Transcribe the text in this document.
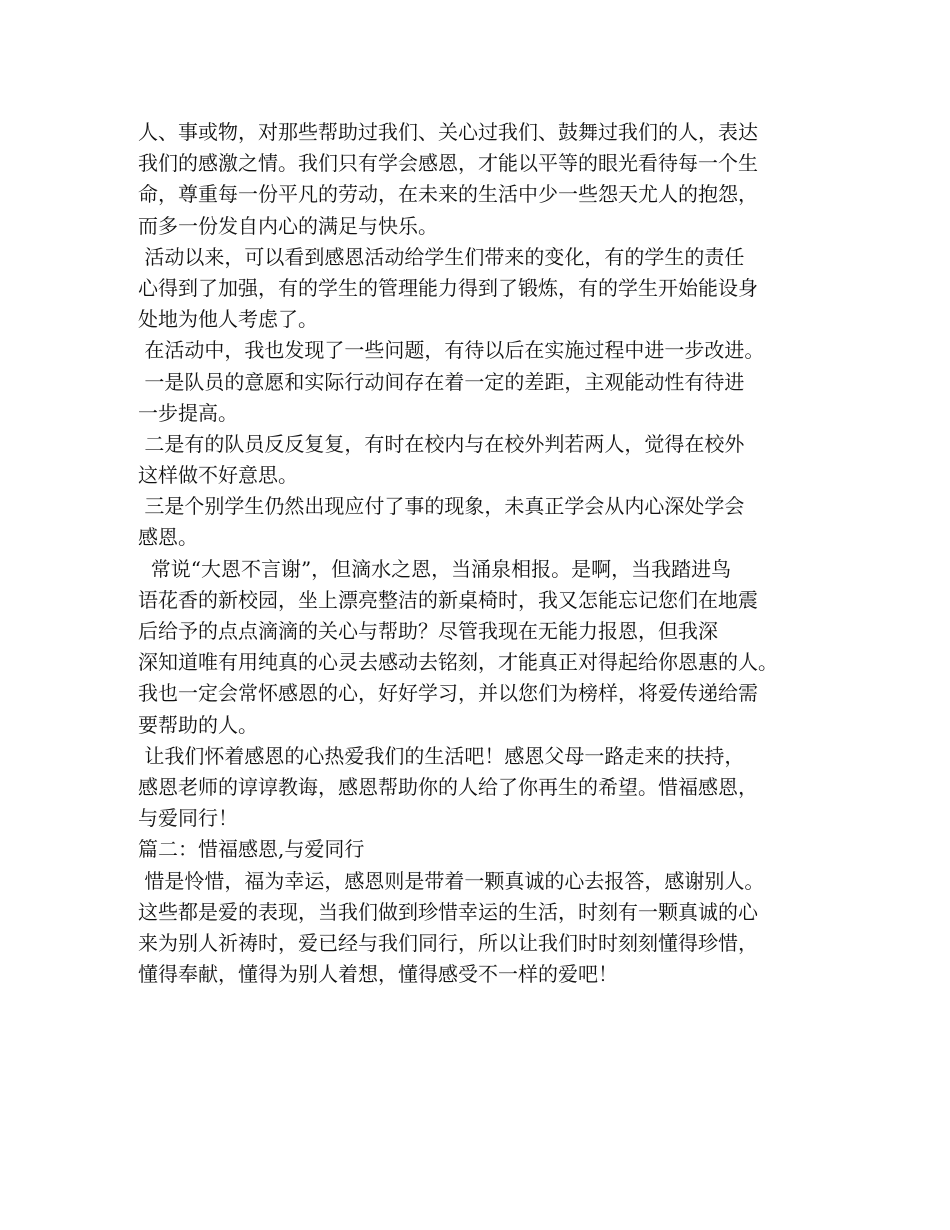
人、事或物，对那些帮助过我们、关心过我们、鼓舞过我们的人，表达
我们的感激之情。我们只有学会感恩，才能以平等的眼光看待每一个生
命，尊重每一份平凡的劳动，在未来的生活中少一些怨天尤人的抱怨，
而多一份发自内心的满足与快乐。
活动以来，可以看到感恩活动给学生们带来的变化，有的学生的责任
心得到了加强，有的学生的管理能力得到了锻炼，有的学生开始能设身
处地为他人考虑了。
在活动中，我也发现了一些问题，有待以后在实施过程中进一步改进。
一是队员的意愿和实际行动间存在着一定的差距，主观能动性有待进
一步提高。
二是有的队员反反复复，有时在校内与在校外判若两人，觉得在校外
这样做不好意思。
三是个别学生仍然出现应付了事的现象，未真正学会从内心深处学会
感恩。
常说“大恩不言谢”，但滴水之恩，当涌泉相报。是啊，当我踏进鸟
语花香的新校园，坐上漂亮整洁的新桌椅时，我又怎能忘记您们在地震
后给予的点点滴滴的关心与帮助？尽管我现在无能力报恩，但我深
深知道唯有用纯真的心灵去感动去铭刻，才能真正对得起给你恩惠的人。
我也一定会常怀感恩的心，好好学习，并以您们为榜样，将爱传递给需
要帮助的人。
让我们怀着感恩的心热爱我们的生活吧！感恩父母一路走来的扶持，
感恩老师的谆谆教诲，感恩帮助你的人给了你再生的希望。惜福感恩，
与爱同行！
篇二：惜福感恩,与爱同行
惜是怜惜，福为幸运，感恩则是带着一颗真诚的心去报答，感谢别人。
这些都是爱的表现，当我们做到珍惜幸运的生活，时刻有一颗真诚的心
来为别人祈祷时，爱已经与我们同行，所以让我们时时刻刻懂得珍惜，
懂得奉献，懂得为别人着想，懂得感受不一样的爱吧！
